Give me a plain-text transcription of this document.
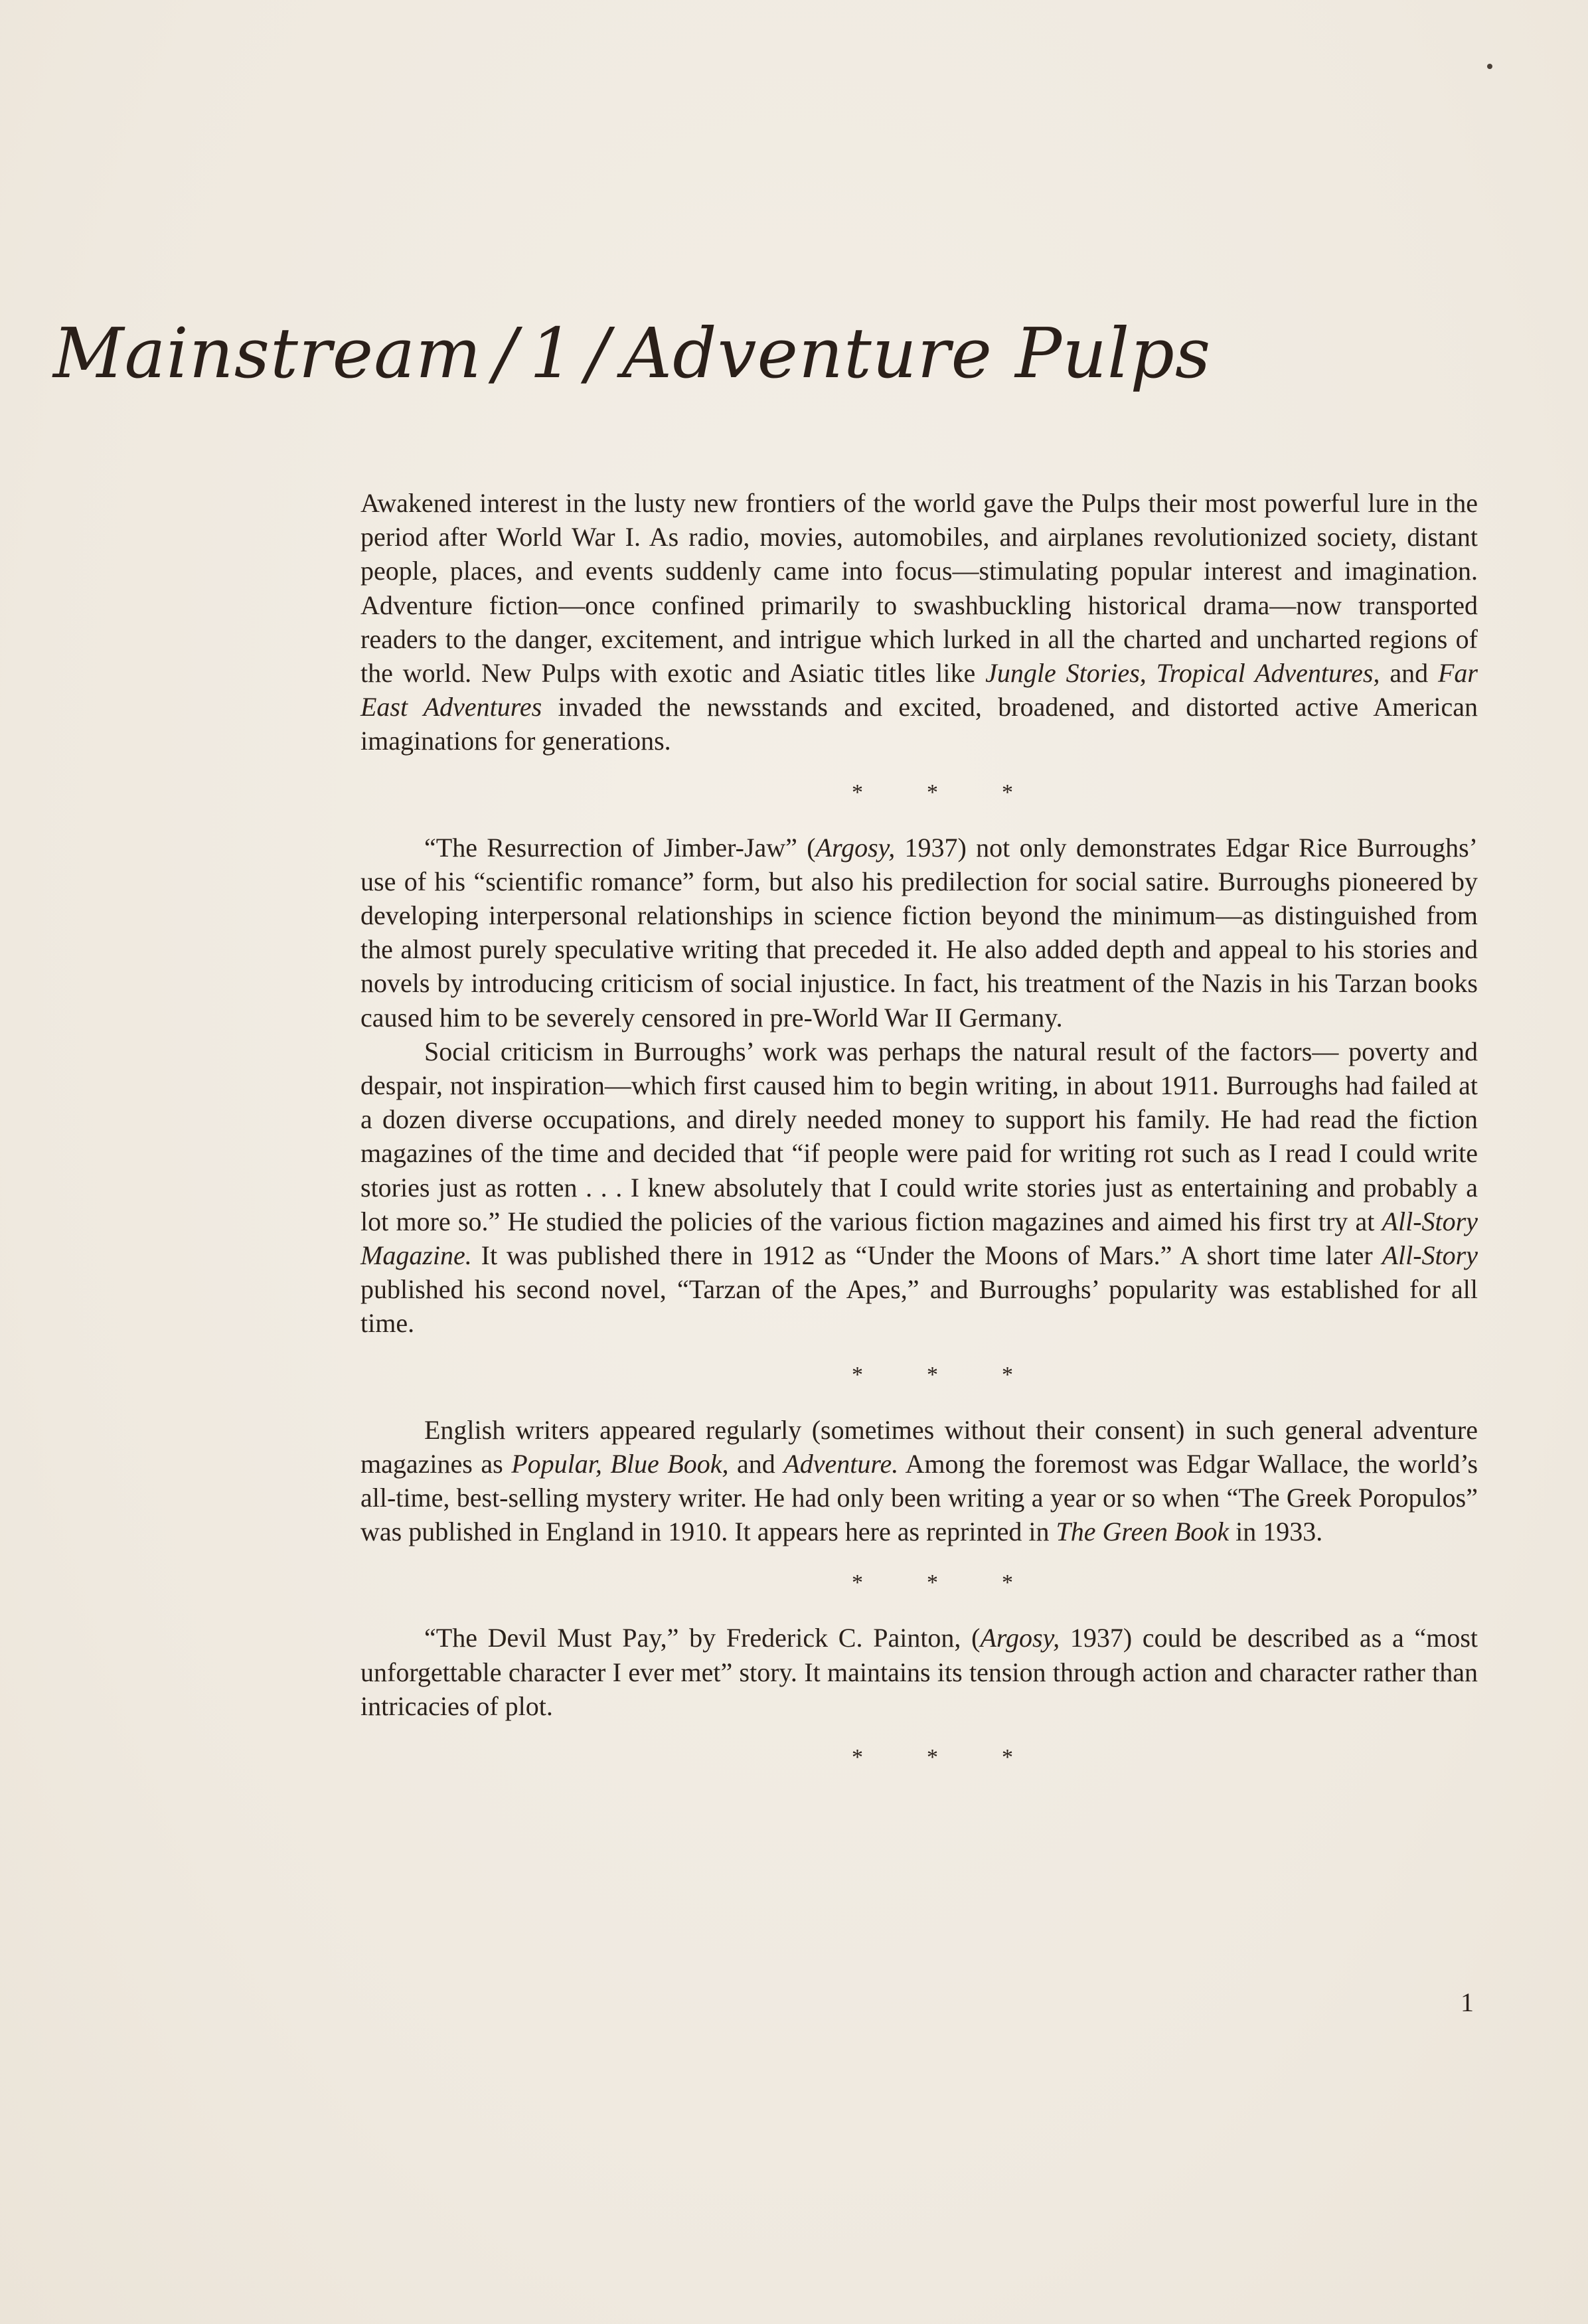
Mainstream / 1 / Adventure Pulps

Awakened interest in the lusty new frontiers of the world gave the Pulps their most powerful lure in the period after World War I. As radio, movies, automobiles, and airplanes revolutionized society, distant people, places, and events suddenly came into focus—stimulating popular interest and imagination. Adventure fiction—once confined primarily to swashbuckling historical drama—now transported readers to the danger, excitement, and intrigue which lurked in all the charted and uncharted regions of the world. New Pulps with exotic and Asiatic titles like Jungle Stories, Tropical Adventures, and Far East Adventures invaded the newsstands and excited, broadened, and distorted active American imaginations for generations.

*	*	*

“The Resurrection of Jimber-Jaw” (Argosy, 1937) not only demonstrates Edgar Rice Burroughs’ use of his “scientific romance” form, but also his predilection for social satire. Burroughs pioneered by developing interpersonal relationships in science fiction beyond the minimum—as distinguished from the almost purely speculative writing that preceded it. He also added depth and appeal to his stories and novels by introducing criticism of social injustice. In fact, his treatment of the Nazis in his Tarzan books caused him to be severely censored in pre-World War II Germany.

Social criticism in Burroughs’ work was perhaps the natural result of the factors— poverty and despair, not inspiration—which first caused him to begin writing, in about 1911. Burroughs had failed at a dozen diverse occupations, and direly needed money to support his family. He had read the fiction magazines of the time and decided that “if people were paid for writing rot such as I read I could write stories just as rotten . . . I knew absolutely that I could write stories just as entertaining and probably a lot more so.” He studied the policies of the various fiction magazines and aimed his first try at All-Story Magazine. It was published there in 1912 as “Under the Moons of Mars.” A short time later All-Story published his second novel, “Tarzan of the Apes,” and Burroughs’ popularity was established for all time.

*	*	*

English writers appeared regularly (sometimes without their consent) in such general adventure magazines as Popular, Blue Book, and Adventure. Among the foremost was Edgar Wallace, the world’s all-time, best-selling mystery writer. He had only been writing a year or so when “The Greek Poropulos” was published in England in 1910. It appears here as reprinted in The Green Book in 1933.

*	*	*

“The Devil Must Pay,” by Frederick C. Painton, (Argosy, 1937) could be described as a “most unforgettable character I ever met” story. It maintains its tension through action and character rather than intricacies of plot.

*	*	*
1
